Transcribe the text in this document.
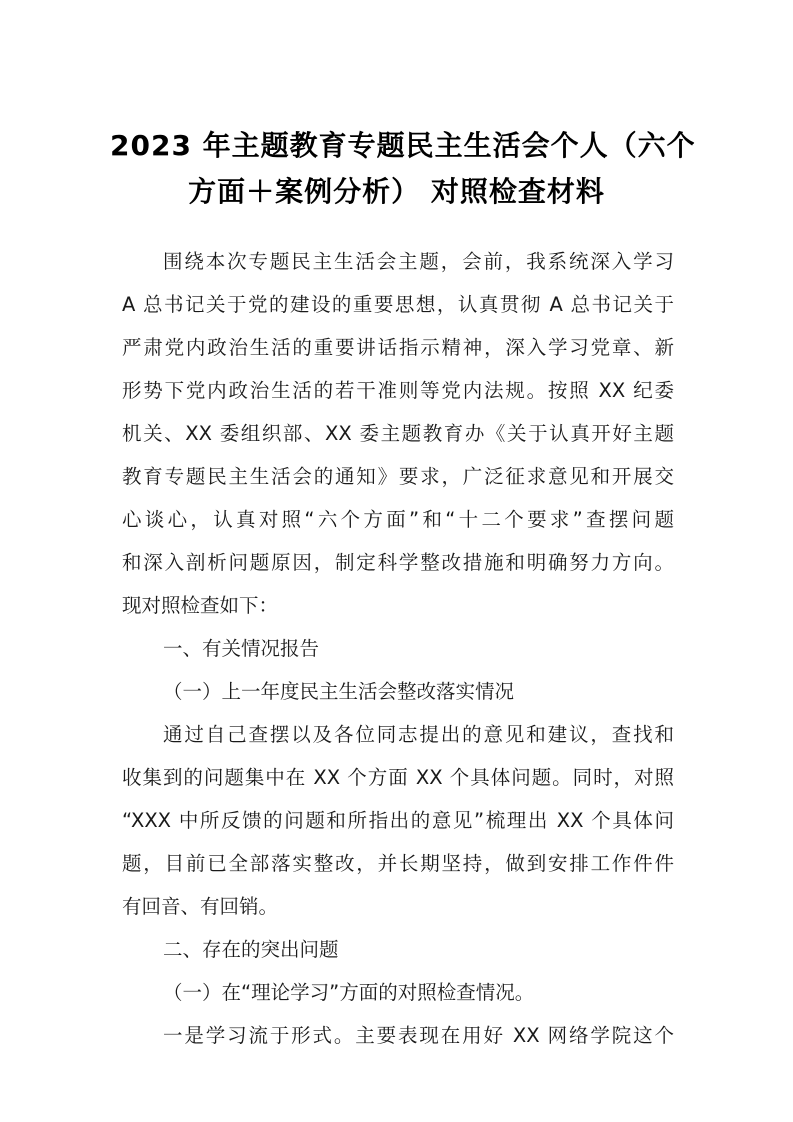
2023 年主题教育专题民主生活会个人（六个
方面＋案例分析） 对照检查材料
围绕本次专题民主生活会主题，会前，我系统深入学习
A 总书记关于党的建设的重要思想，认真贯彻 A 总书记关于
严肃党内政治生活的重要讲话指示精神，深入学习党章、新
形势下党内政治生活的若干准则等党内法规。按照 XX 纪委
机关、XX 委组织部、XX 委主题教育办《关于认真开好主题
教育专题民主生活会的通知》要求，广泛征求意见和开展交
心谈心，认真对照“六个方面”和“十二个要求”查摆问题
和深入剖析问题原因，制定科学整改措施和明确努力方向。
现对照检查如下：
一、有关情况报告
（一）上一年度民主生活会整改落实情况
通过自己查摆以及各位同志提出的意见和建议，查找和
收集到的问题集中在 XX 个方面 XX 个具体问题。同时，对照
“XXX 中所反馈的问题和所指出的意见”梳理出 XX 个具体问
题，目前已全部落实整改，并长期坚持，做到安排工作件件
有回音、有回销。
二、存在的突出问题
（一）在“理论学习”方面的对照检查情况。
一是学习流于形式。主要表现在用好 XX 网络学院这个
